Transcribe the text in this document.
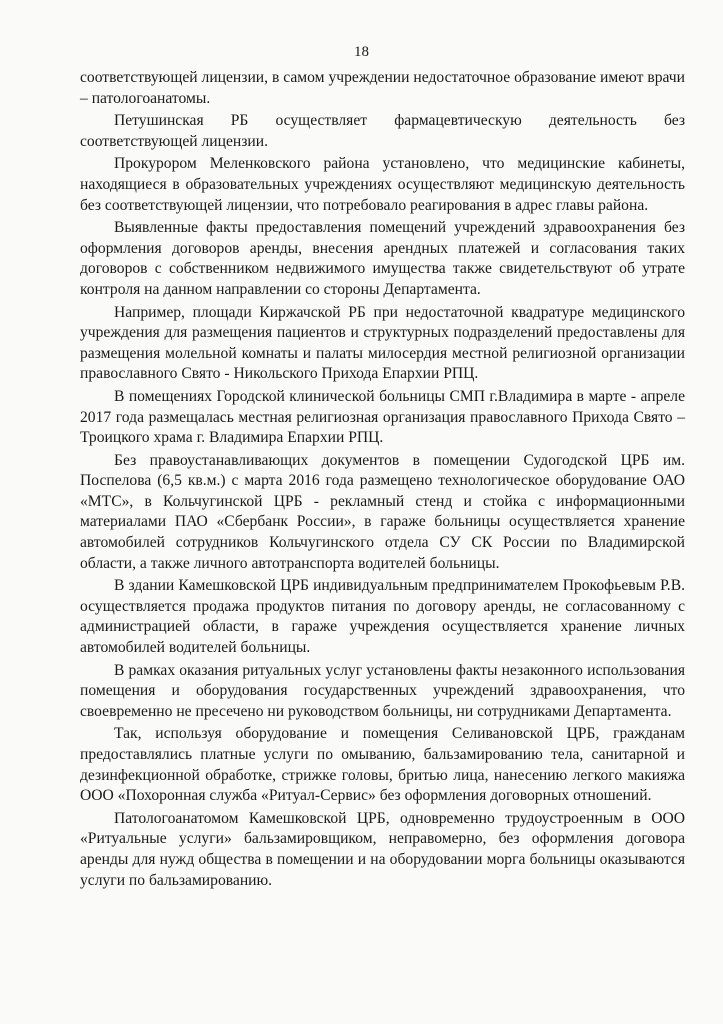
18

соответствующей лицензии, в самом учреждении недостаточное образование имеют врачи – патологоанатомы.

Петушинская РБ осуществляет фармацевтическую деятельность без соответствующей лицензии.

Прокурором Меленковского района установлено, что медицинские кабинеты, находящиеся в образовательных учреждениях осуществляют медицинскую деятельность без соответствующей лицензии, что потребовало реагирования в адрес главы района.

Выявленные факты предоставления помещений учреждений здравоохранения без оформления договоров аренды, внесения арендных платежей и согласования таких договоров с собственником недвижимого имущества также свидетельствуют об утрате контроля на данном направлении со стороны Департамента.

Например, площади Киржачской РБ при недостаточной квадратуре медицинского учреждения для размещения пациентов и структурных подразделений предоставлены для размещения молельной комнаты и палаты милосердия местной религиозной организации православного Свято - Никольского Прихода Епархии РПЦ.

В помещениях Городской клинической больницы СМП г.Владимира в марте - апреле 2017 года размещалась местная религиозная организация православного Прихода Свято – Троицкого храма г. Владимира Епархии РПЦ.

Без правоустанавливающих документов в помещении Судогодской ЦРБ им. Поспелова (6,5 кв.м.) с марта 2016 года размещено технологическое оборудование ОАО «МТС», в Кольчугинской ЦРБ - рекламный стенд и стойка с информационными материалами ПАО «Сбербанк России», в гараже больницы осуществляется хранение автомобилей сотрудников Кольчугинского отдела СУ СК России по Владимирской области, а также личного автотранспорта водителей больницы.

В здании Камешковской ЦРБ индивидуальным предпринимателем Прокофьевым Р.В. осуществляется продажа продуктов питания по договору аренды, не согласованному с администрацией области, в гараже учреждения осуществляется хранение личных автомобилей водителей больницы.

В рамках оказания ритуальных услуг установлены факты незаконного использования помещения и оборудования государственных учреждений здравоохранения, что своевременно не пресечено ни руководством больницы, ни сотрудниками Департамента.

Так, используя оборудование и помещения Селивановской ЦРБ, гражданам предоставлялись платные услуги по омыванию, бальзамированию тела, санитарной и дезинфекционной обработке, стрижке головы, бритью лица, нанесению легкого макияжа ООО «Похоронная служба «Ритуал-Сервис» без оформления договорных отношений.

Патологоанатомом Камешковской ЦРБ, одновременно трудоустроенным в ООО «Ритуальные услуги» бальзамировщиком, неправомерно, без оформления договора аренды для нужд общества в помещении и на оборудовании морга больницы оказываются услуги по бальзамированию.
